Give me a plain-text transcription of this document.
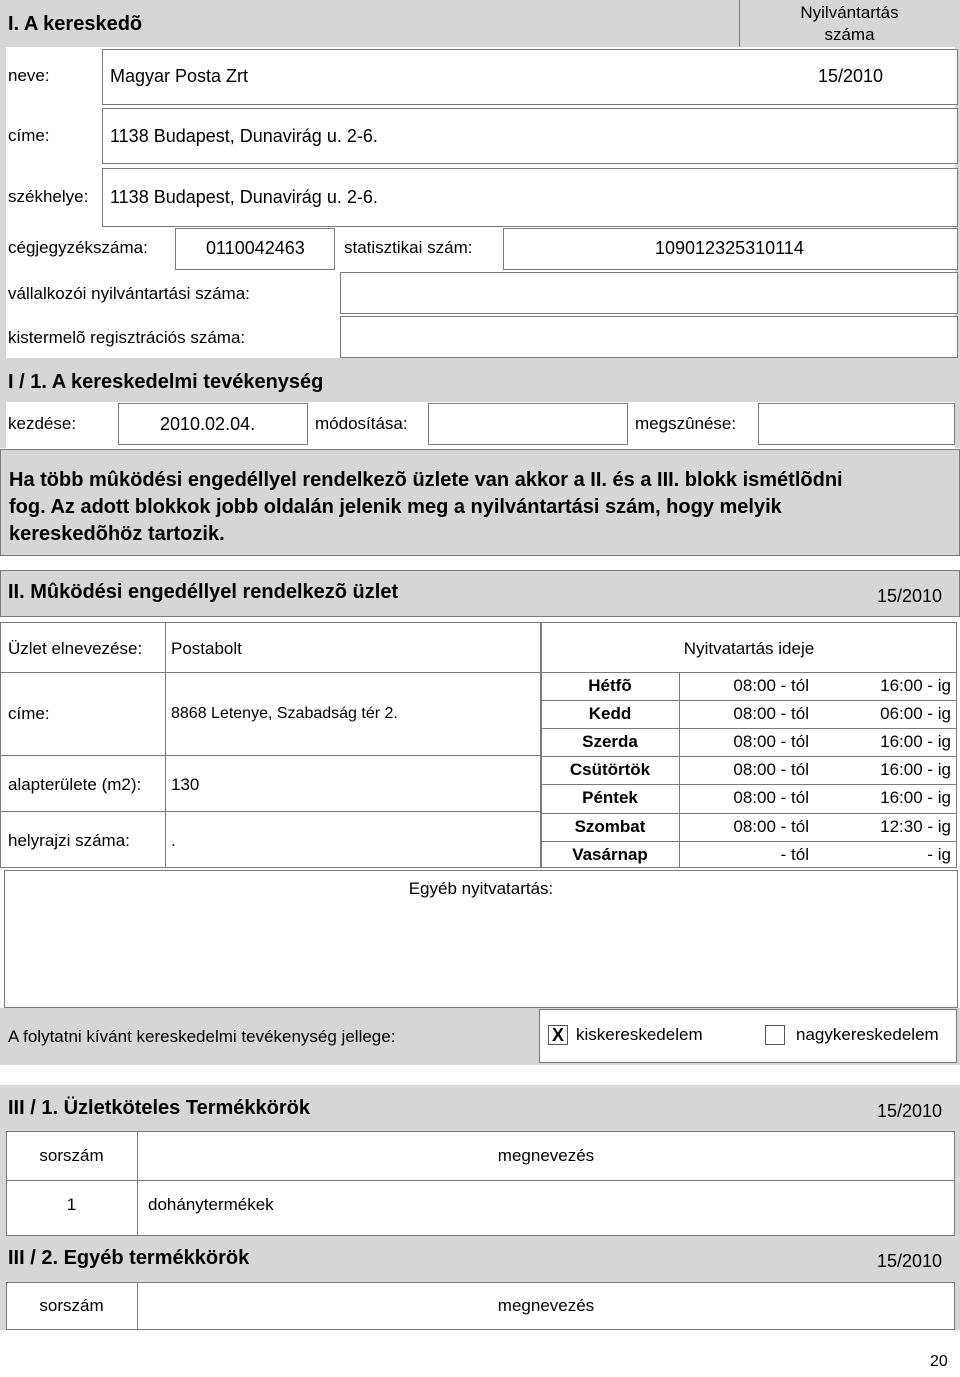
I. A kereskedõ
Nyilvántartás
száma
neve:	Magyar Posta Zrt	15/2010
címe:	1138 Budapest, Dunavirág u. 2-6.
székhelye: 1138 Budapest, Dunavirág u. 2-6.
cégjegyzékszáma:	0110042463 statisztikai szám:	109012325310114
vállalkozói nyilvántartási száma:
kistermelõ regisztrációs száma:
I / 1. A kereskedelmi tevékenység
kezdése:	2010.02.04.	módosítása:	megszûnése:
Ha több mûködési engedéllyel rendelkezõ üzlete van akkor a II. és a III. blokk ismétlõdni
fog. Az adott blokkok jobb oldalán jelenik meg a nyilvántartási szám, hogy melyik
kereskedõhöz tartozik.
II. Mûködési engedéllyel rendelkezõ üzlet	15/2010
Üzlet elnevezése: Postabolt
címe:	8868 Letenye, Szabadság tér 2.
alapterülete (m2): 130
helyrajzi száma: .
Nyitvatartás ideje
Hétfõ	08:00 - tól	16:00 - ig
Kedd	08:00 - tól	06:00 - ig
Szerda	08:00 - tól	16:00 - ig
Csütörtök	08:00 - tól	16:00 - ig
Péntek	08:00 - tól	16:00 - ig
Szombat	08:00 - tól	12:30 - ig
Vasárnap	- tól	- ig
Egyéb nyitvatartás:
A folytatni kívánt kereskedelmi tevékenység jellege:	X kiskereskedelem	nagykereskedelem
III / 1. Üzletköteles Termékkörök	15/2010
sorszám	megnevezés
1	dohánytermékek
III / 2. Egyéb termékkörök	15/2010
sorszám	megnevezés
20
